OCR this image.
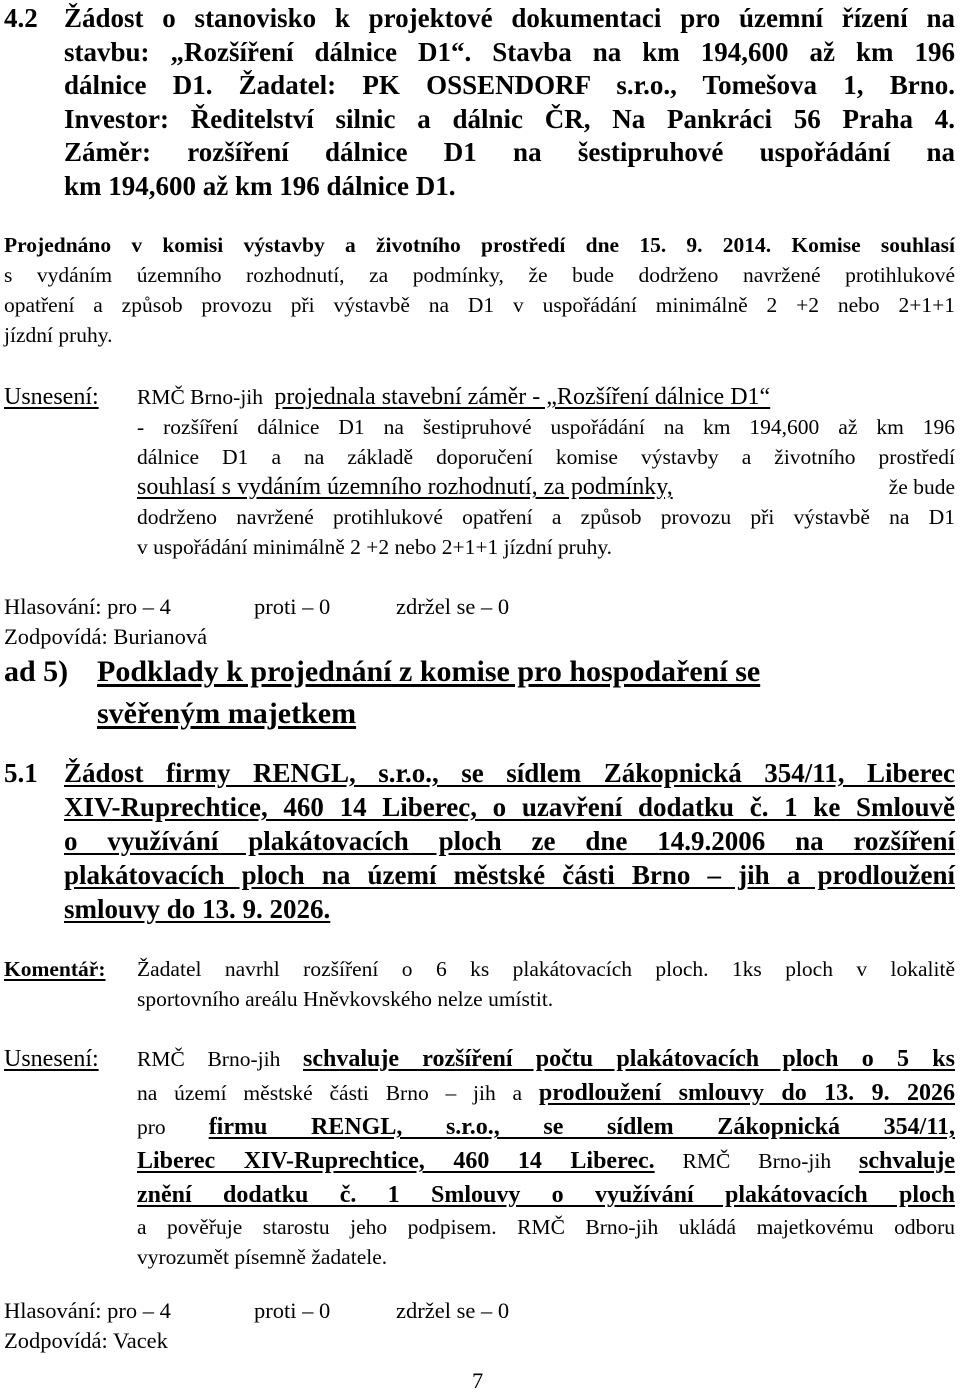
4.2 Žádost o stanovisko k projektové dokumentaci pro územní řízení na
stavbu: „Rozšíření dálnice D1“. Stavba na km 194,600 až km 196
dálnice D1. Žadatel: PK OSSENDORF s.r.o., Tomešova 1, Brno.
Investor: Ředitelství silnic a dálnic ČR, Na Pankráci 56 Praha 4.
Záměr: rozšíření dálnice D1 na šestipruhové uspořádání na
km 194,600 až km 196 dálnice D1.
Projednáno v komisi výstavby a životního prostředí dne 15. 9. 2014. Komise souhlasí
s vydáním územního rozhodnutí, za podmínky, že bude dodrženo navržené protihlukové
opatření a způsob provozu při výstavbě na D1 v uspořádání minimálně 2 +2 nebo 2+1+1
jízdní pruhy.
Usnesení: RMČ Brno-jih projednala stavební záměr - „Rozšíření dálnice D1“
- rozšíření dálnice D1 na šestipruhové uspořádání na km 194,600 až km 196
dálnice D1 a na základě doporučení komise výstavby a životního prostředí
souhlasí s vydáním územního rozhodnutí, za podmínky,	že bude
dodrženo navržené protihlukové opatření a způsob provozu při výstavbě na D1
v uspořádání minimálně 2 +2 nebo 2+1+1 jízdní pruhy.
Hlasování: pro – 4	proti – 0	zdržel se – 0
Zodpovídá: Burianová
ad 5) Podklady k projednání z komise pro hospodaření se
svěřeným majetkem
5.1 Žádost firmy RENGL, s.r.o., se sídlem Zákopnická 354/11, Liberec
XIV-Ruprechtice, 460 14 Liberec, o uzavření dodatku č. 1 ke Smlouvě
o využívání plakátovacích ploch ze dne 14.9.2006 na rozšíření
plakátovacích ploch na území městské části Brno – jih a prodloužení
smlouvy do 13. 9. 2026.
Komentář: Žadatel navrhl rozšíření o 6 ks plakátovacích ploch. 1ks ploch v lokalitě
sportovního areálu Hněvkovského nelze umístit.
Usnesení: RMČ Brno-jih schvaluje rozšíření počtu plakátovacích ploch o 5 ks
na území městské části Brno – jih a prodloužení smlouvy do 13. 9. 2026
pro firmu RENGL, s.r.o., se sídlem Zákopnická 354/11,
Liberec XIV-Ruprechtice, 460 14 Liberec. RMČ Brno-jih schvaluje
znění dodatku č. 1 Smlouvy o využívání plakátovacích ploch
a pověřuje starostu jeho podpisem. RMČ Brno-jih ukládá majetkovému odboru
vyrozumět písemně žadatele.
Hlasování: pro – 4	proti – 0	zdržel se – 0
Zodpovídá: Vacek
7
